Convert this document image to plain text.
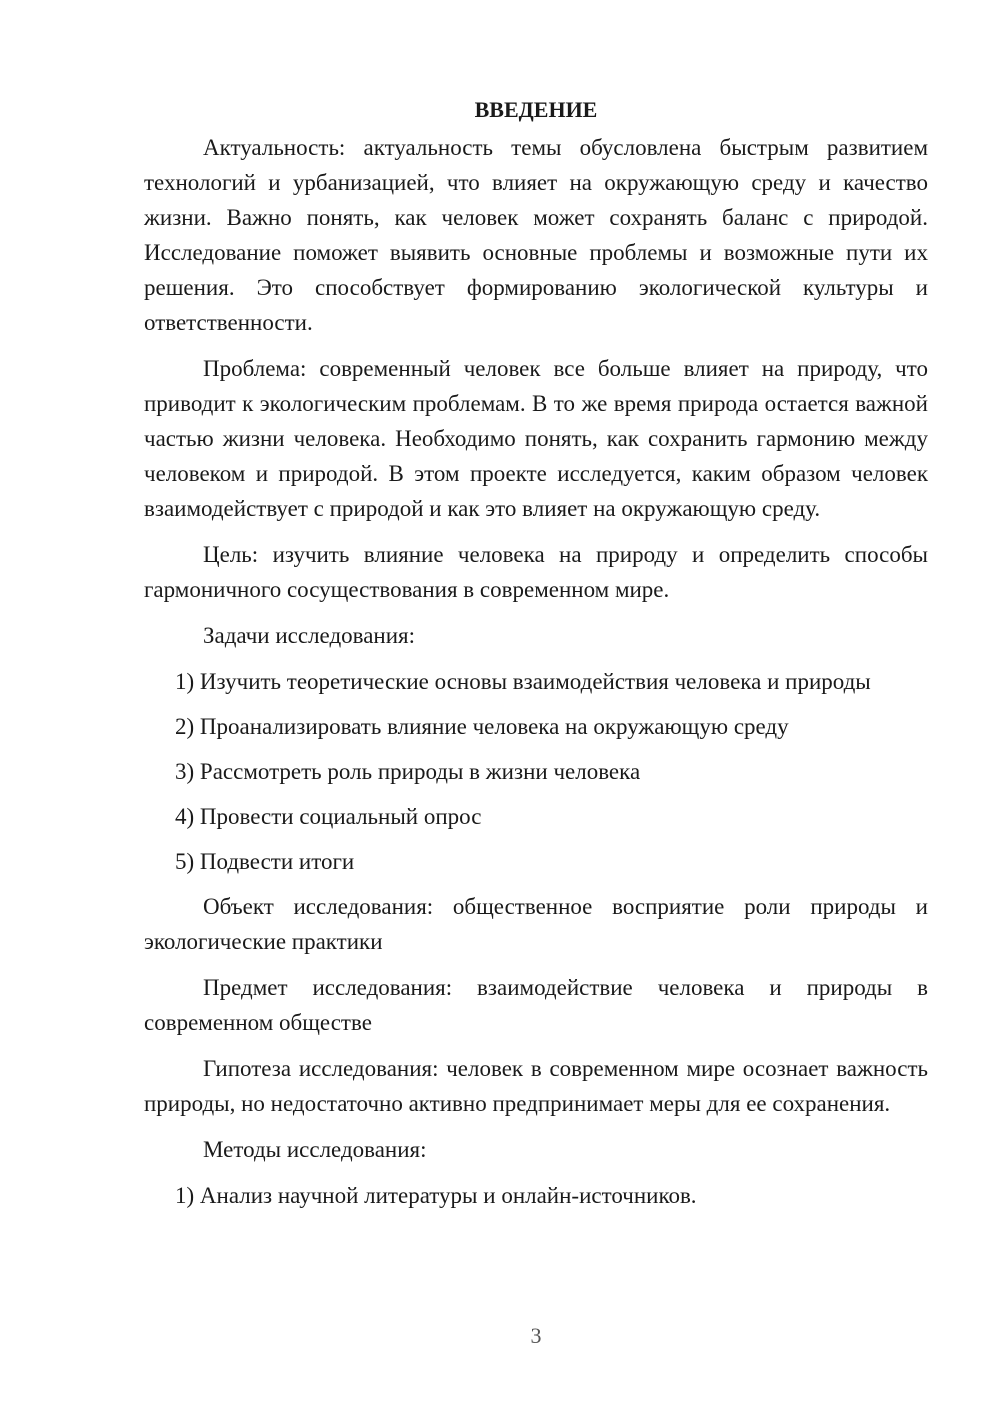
ВВЕДЕНИЕ

Актуальность: актуальность темы обусловлена быстрым развитием технологий и урбанизацией, что влияет на окружающую среду и качество жизни. Важно понять, как человек может сохранять баланс с природой. Исследование поможет выявить основные проблемы и возможные пути их решения. Это способствует формированию экологической культуры и ответственности.

Проблема: современный человек все больше влияет на природу, что приводит к экологическим проблемам. В то же время природа остается важной частью жизни человека. Необходимо понять, как сохранить гармонию между человеком и природой. В этом проекте исследуется, каким образом человек взаимодействует с природой и как это влияет на окружающую среду.

Цель: изучить влияние человека на природу и определить способы гармоничного сосуществования в современном мире.

Задачи исследования:

1) Изучить теоретические основы взаимодействия человека и природы
2) Проанализировать влияние человека на окружающую среду
3) Рассмотреть роль природы в жизни человека
4) Провести социальный опрос
5) Подвести итоги

Объект исследования: общественное восприятие роли природы и экологические практики

Предмет исследования: взаимодействие человека и природы в современном обществе

Гипотеза исследования: человек в современном мире осознает важность природы, но недостаточно активно предпринимает меры для ее сохранения.

Методы исследования:

1) Анализ научной литературы и онлайн-источников.
3
